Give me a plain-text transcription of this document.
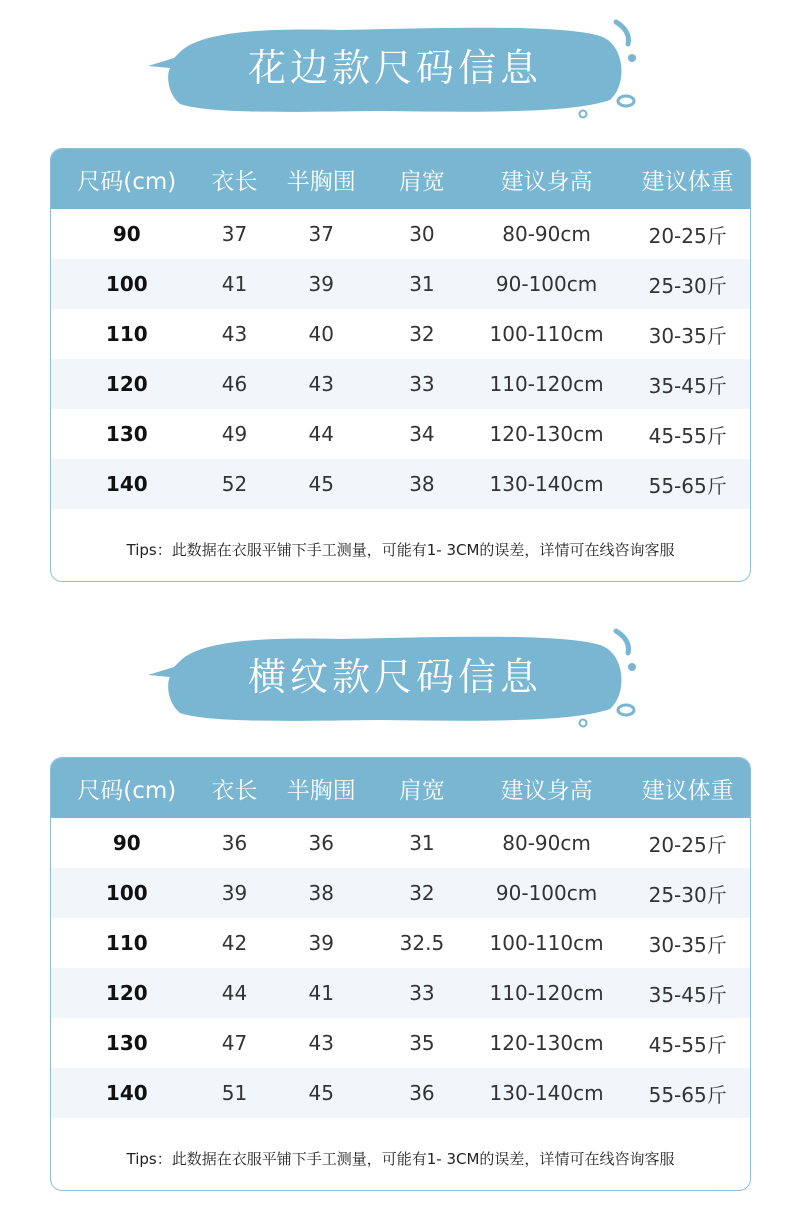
花边款尺码信息
尺码(cm)	衣长	半胸围	肩宽	建议身高	建议体重
90	37	37	30	80-90cm	20-25斤
100	41	39	31	90-100cm	25-30斤
110	43	40	32	100-110cm	30-35斤
120	46	43	33	110-120cm	35-45斤
130	49	44	34	120-130cm	45-55斤
140	52	45	38	130-140cm	55-65斤
Tips：此数据在衣服平铺下手工测量，可能有1- 3CM的误差，详情可在线咨询客服
横纹款尺码信息
尺码(cm)	衣长	半胸围	肩宽	建议身高	建议体重
90	36	36	31	80-90cm	20-25斤
100	39	38	32	90-100cm	25-30斤
110	42	39	32.5	100-110cm	30-35斤
120	44	41	33	110-120cm	35-45斤
130	47	43	35	120-130cm	45-55斤
140	51	45	36	130-140cm	55-65斤
Tips：此数据在衣服平铺下手工测量，可能有1- 3CM的误差，详情可在线咨询客服
